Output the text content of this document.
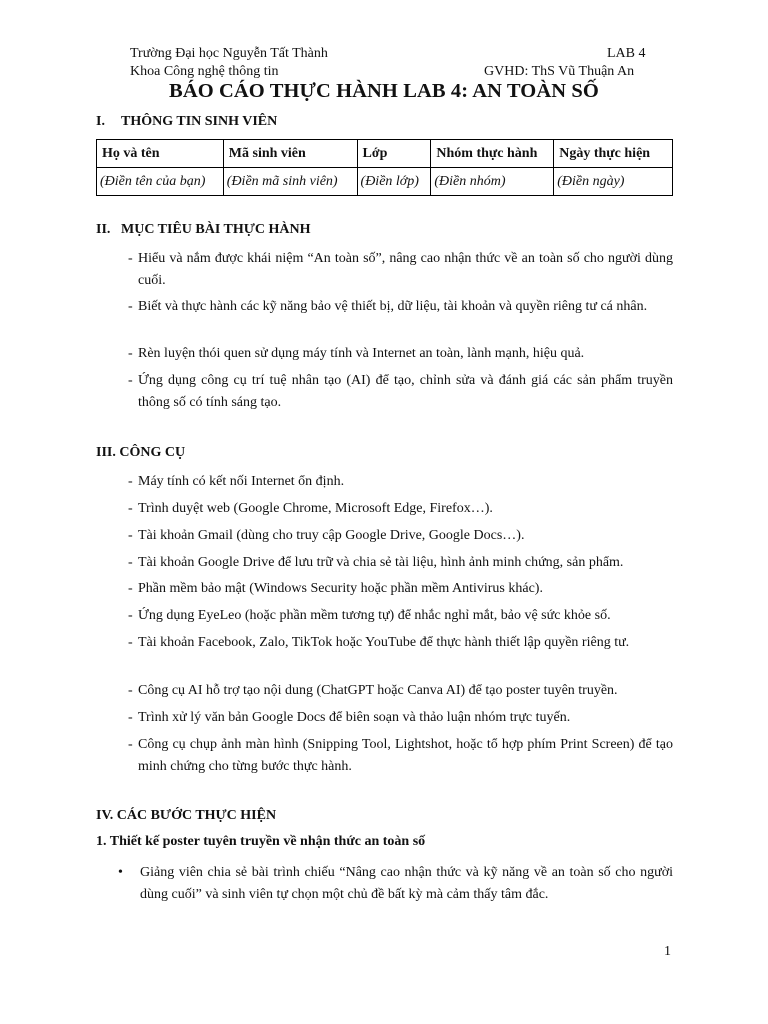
Trường Đại học Nguyễn Tất Thành	LAB 4
Khoa Công nghệ thông tin	GVHD: ThS Vũ Thuận An
BÁO CÁO THỰC HÀNH LAB 4: AN TOÀN SỐ
I. THÔNG TIN SINH VIÊN
Họ và tên	Mã sinh viên	Lớp	Nhóm thực hành	Ngày thực hiện
(Điền tên của bạn)	(Điền mã sinh viên)	(Điền lớp)	(Điền nhóm)	(Điền ngày)
II. MỤC TIÊU BÀI THỰC HÀNH
- Hiểu và nắm được khái niệm “An toàn số”, nâng cao nhận thức về an toàn số cho người dùng cuối.
- Biết và thực hành các kỹ năng bảo vệ thiết bị, dữ liệu, tài khoản và quyền riêng tư cá nhân.
- Rèn luyện thói quen sử dụng máy tính và Internet an toàn, lành mạnh, hiệu quả.
- Ứng dụng công cụ trí tuệ nhân tạo (AI) để tạo, chỉnh sửa và đánh giá các sản phẩm truyền thông số có tính sáng tạo.
III. CÔNG CỤ
- Máy tính có kết nối Internet ổn định.
- Trình duyệt web (Google Chrome, Microsoft Edge, Firefox…).
- Tài khoản Gmail (dùng cho truy cập Google Drive, Google Docs…).
- Tài khoản Google Drive để lưu trữ và chia sẻ tài liệu, hình ảnh minh chứng, sản phẩm.
- Phần mềm bảo mật (Windows Security hoặc phần mềm Antivirus khác).
- Ứng dụng EyeLeo (hoặc phần mềm tương tự) để nhắc nghỉ mắt, bảo vệ sức khỏe số.
- Tài khoản Facebook, Zalo, TikTok hoặc YouTube để thực hành thiết lập quyền riêng tư.
- Công cụ AI hỗ trợ tạo nội dung (ChatGPT hoặc Canva AI) để tạo poster tuyên truyền.
- Trình xử lý văn bản Google Docs để biên soạn và thảo luận nhóm trực tuyến.
- Công cụ chụp ảnh màn hình (Snipping Tool, Lightshot, hoặc tổ hợp phím Print Screen) để tạo minh chứng cho từng bước thực hành.
IV. CÁC BƯỚC THỰC HIỆN
1. Thiết kế poster tuyên truyền về nhận thức an toàn số
•	Giảng viên chia sẻ bài trình chiếu “Nâng cao nhận thức và kỹ năng về an toàn số cho người dùng cuối” và sinh viên tự chọn một chủ đề bất kỳ mà cảm thấy tâm đắc.
1
